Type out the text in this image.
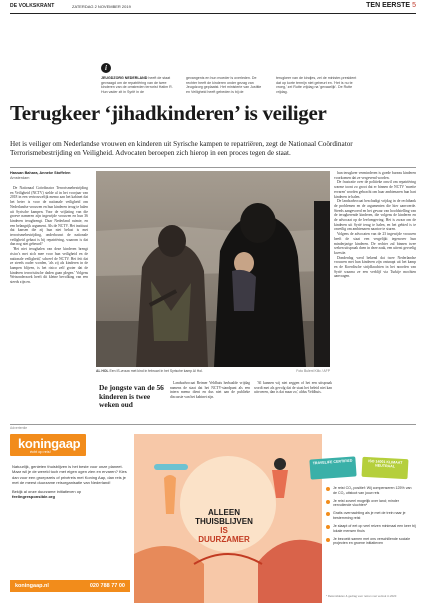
DE VOLKSKRANT	ZATERDAG 2 NOVEMBER 2019	TEN EERSTE 5
i
JEUGDZORG NEDERLAND heeft de staat gevraagd om de repatriëring van de twee kinderen van de omstreden terrorist Hatim R. Hun vader zit in Syrië in de
gevangenis en hun moeder is overleden. De rechter heeft de kinderen onder gezag van Jeugdzorg geplaatst. Het ministerie van Justitie en Veiligheid heeft gebeden is bij de
terugkeer van de kindjes, zei de minister-president dat op korte termijn niet gebeurt en. 'Het is nu te vroeg,' zei Rutte vrijdag na 'gevaarlijk'. De Rutte vrijdag.
Terugkeer ‘jihadkinderen’ is veiliger

Het is veiliger om Nederlandse vrouwen en kinderen uit Syrische kampen te repatriëren, zegt de Nationaal Coördinator Terrorismebestrijding en Veiligheid. Advocaten beroepen zich hierop in een proces tegen de staat.

Hassan Bahara, Anneke Stoffelen
Amsterdam

De Nationaal Coördinator Terrorismebestrijding en Veiligheid (NCTV) stelde al in het voorjaar van 2018 in een vertrouwelijk memo aan het kabinet dat het beter is voor de nationale veiligheid om Nederlandse vrouwen en hun kinderen terug te halen uit Syrische kampen. Voor de vrijlating van die groeve nameren zijn ingewijde vrouwen en hun 36 kinderen terugbrengt. Daar Nederland ruimte, en een belangrijk argument. Als de NCTV. Het instituut dat kansen die zij hun niet belast is met terrorismebestrijding, onderbouwt de nationale veiligheid gebaat is bij repatriëring, waarom is dat dan nog niet gebeurd?

'Het niet terughalen van deze kinderen brengt risico's met zich mee voor hun veiligheid en de nationale veiligheid,' schreef de NCTV. Het feit dat ze steeds ouder worden, 'als zij als kinderen in de kampen blijven, is het risico zelf groter dat de kinderen terroristische daden gaan plegen.' Volgens Wetsonderzoek heeft dit kleine bevolking van een steeds zijn en.

AL HOL Een IS-vrouw met kind in februari in het Syrische kamp Al Hol.	Foto Bulent Kilic / AFP
De jongste van de 56 kinderen is twee weken oud

Landsadvocaat Reimer Veldhuis herhaalde vrijdag namens de staat dat het NCTV-standpunt als een intern memo dient en dus niet aan de publieke discussie van het kabinet zijn.

'Al kunnen wij niet zeggen of het een uitspraak wordt met als gevolg dat de staat het beleid niet kan uitvoeren, dan is dat maar zo,' aldus Veldhuis.

hun terugkeer verminderen is goede bureau kinderen voorkomen dat ze vergevend worden.

De frustratie over de politieke onwil om repatriëring warme toont zo groot dat er binnen de NCTV 'moeite ervaren' worden gebracht om haar ambtenaren hun hart kinderen te halen.

De landsadvocaat beschadigt vrijdag in de rechtbank de problemen en de argumenten die hier aanvoerde. Steeds aangevoerd en het gevaar van hoofdstelling van de terugkerende kinderen, die volgens de kinderen en de advocaat op de leefomgeving. Het is zwaar om de kinderen uit Syrië terug te halen, en het gebied is te onveilig om ambtenaren naartoe te sturen.

Volgens de advocaten van de 23 ingewijde vrouwen heeft de staat een vergelijkt tegenover hun minderjarige kinderen. De rechter zal binnen twee weken uitspraak doen in deze zaak, een uiterst gevoelig kwestie.

Donderdag werd bekend dat twee Nederlandse vrouwen met hun kinderen zijn ontsnapt uit het kamp en de Koerdische strijdkrachten in het noorden van Syrië waarna ze een verblijf via Turkije mochten aanvragen.

Advertentie
koningaap
écht op reis!

Natuurlijk, genieten thuisblijven is het beste voor onze planeet. Maar wil je de wereld toch met eigen ogen zien en ervaren? Kies dan voor een groepsreis of privéreis met Koning Aap, dan reis je met de meest duurzame reisorganisatie van Nederland!

Bekijk al onze duurzame initiatieven op
feelingresponsible.org

koningaap.nl	020 788 77 00
ALLEEN THUISBLIJVEN
IS DUURZAMER
TRAVELIFE CERTIFIED	ISO 14001 KLIMAAT NEUTRAAL
Je reist CO₂ positief: Wij compenseren 125% van de CO₂ uitstoot van jouw reis
Je reist zoveel mogelijk over land; minder vervuilende vluchten*
Gratis overnachting als je met de trein naar je bestemming reist
Je slaapt of eet op veel reizen minimaal een keer bij lokale mensen thuis
Je bezoekt samen met ons verschillende sociale projecten en groene initiatieven
* Reismiddelen & gedrag voor reizen met vertrek in 2020
